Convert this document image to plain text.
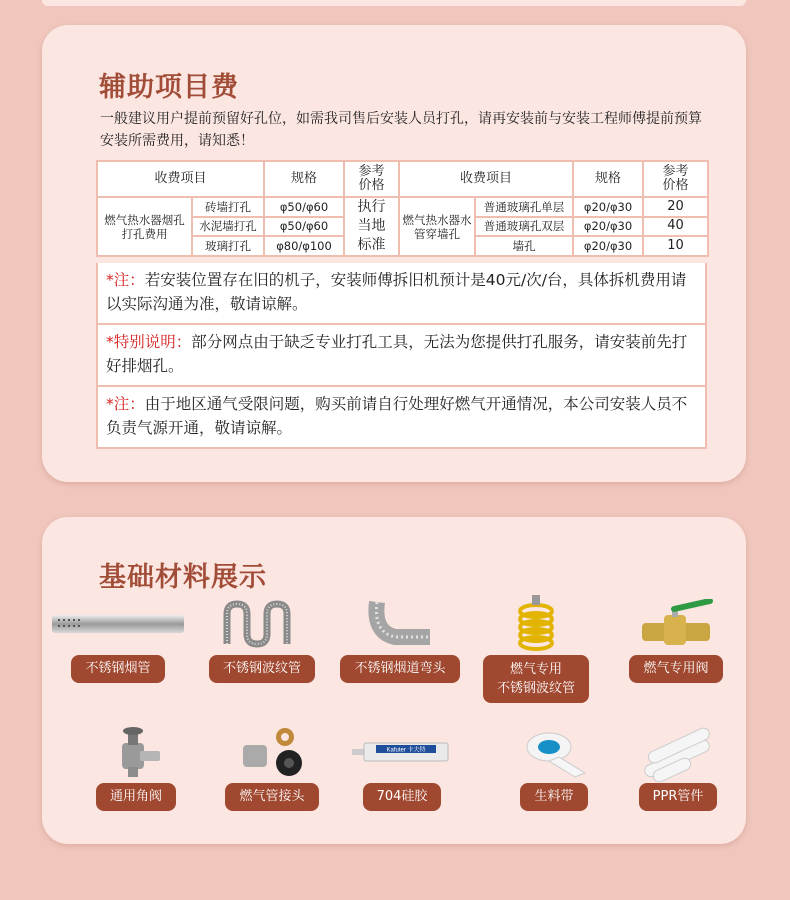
辅助项目费
一般建议用户提前预留好孔位，如需我司售后安装人员打孔，请再安装前与安装工程师傅提前预算安装所需费用，请知悉！
收费项目		规格	参考价格	收费项目		规格	参考价格
燃气热水器烟孔打孔费用	砖墙打孔	φ50/φ60	执行当地标准	燃气热水器水管穿墙孔	普通玻璃孔单层	φ20/φ30	20
	水泥墙打孔	φ50/φ60			普通玻璃孔双层	φ20/φ30	40
	玻璃打孔	φ80/φ100			墙孔	φ20/φ30	10
*注：若安装位置存在旧的机子，安装师傅拆旧机预计是40元/次/台，具体拆机费用请以实际沟通为准，敬请谅解。
*特别说明：部分网点由于缺乏专业打孔工具，无法为您提供打孔服务，请安装前先打好排烟孔。
*注：由于地区通气受限问题，购买前请自行处理好燃气开通情况，本公司安装人员不负责气源开通，敬请谅解。
基础材料展示
不锈钢烟管	不锈钢波纹管	不锈钢烟道弯头	燃气专用
不锈钢波纹管
燃气专用阀
通用角阀	燃气管接头
Kafuter 卡夫特
704硅胶	生料带	PPR管件
